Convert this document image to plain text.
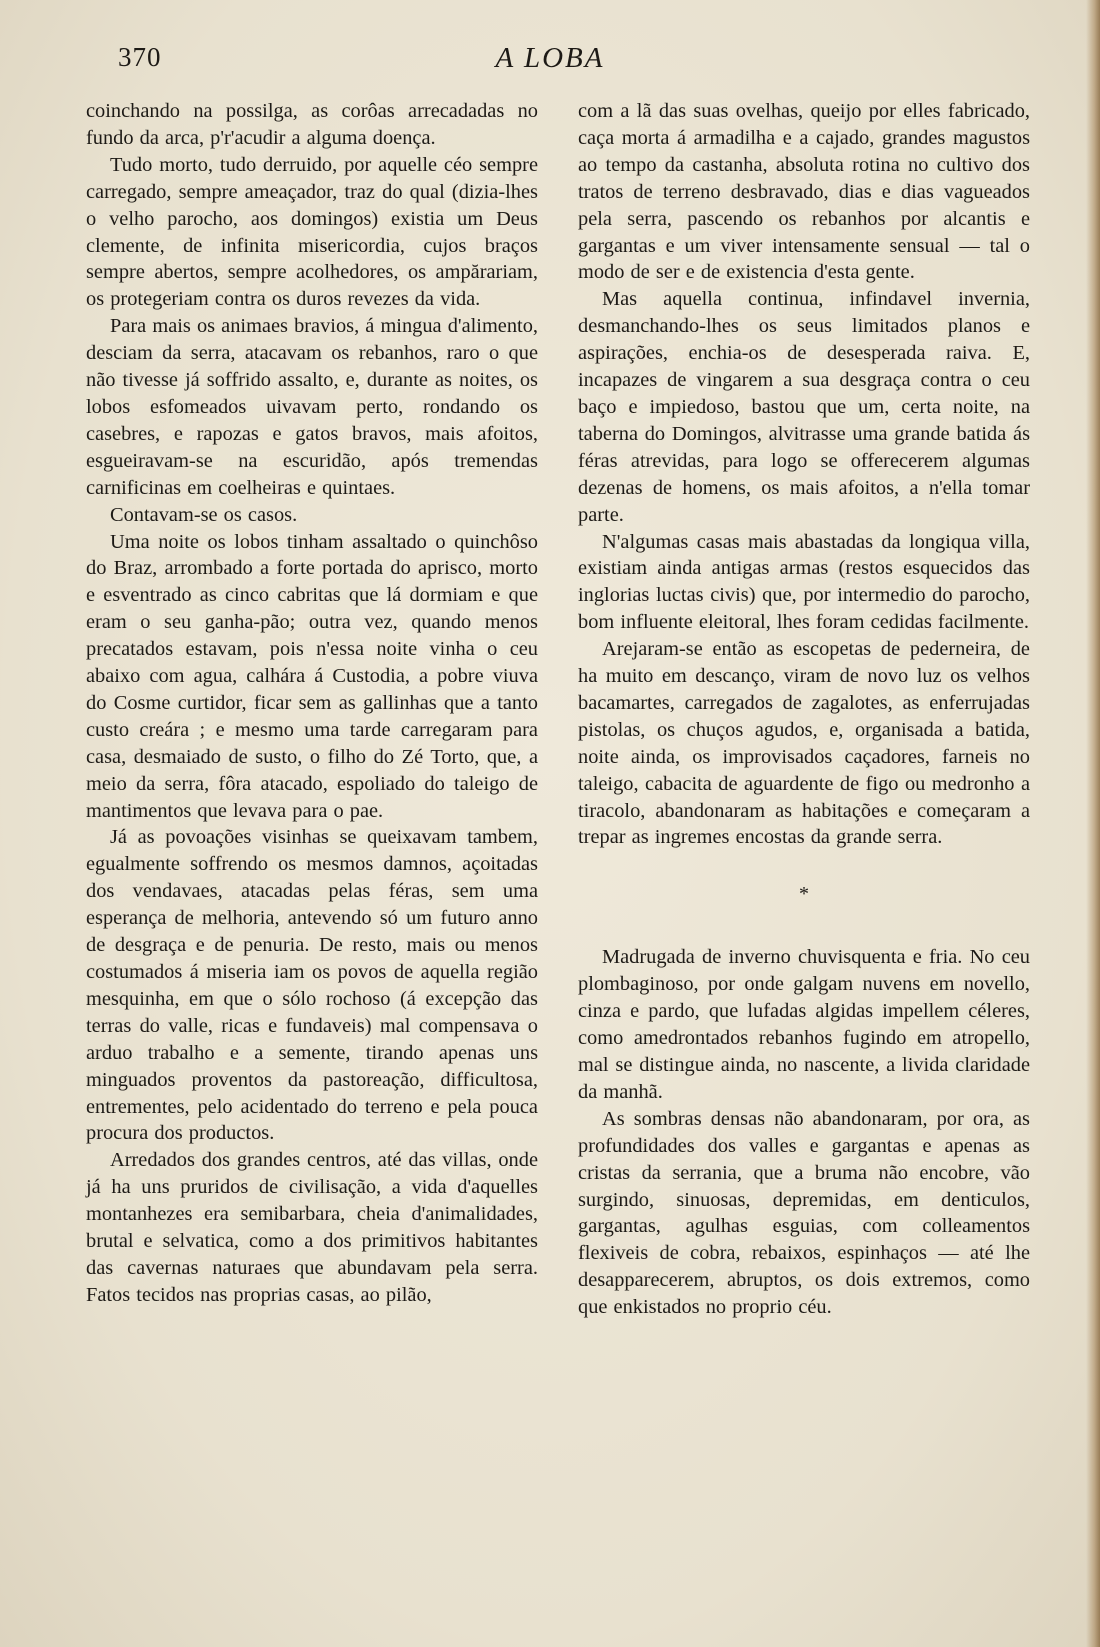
370	A LOBA

coinchando na possilga, as corôas arrecadadas no fundo da arca, p'r'acudir a alguma doença.

Tudo morto, tudo derruido, por aquelle céo sempre carregado, sempre ameaçador, traz do qual (dizia-lhes o velho parocho, aos domingos) existia um Deus clemente, de infinita misericordia, cujos braços sempre abertos, sempre acolhedores, os ampărariam, os protegeriam contra os duros revezes da vida.

Para mais os animaes bravios, á mingua d'alimento, desciam da serra, atacavam os rebanhos, raro o que não tivesse já soffrido assalto, e, durante as noites, os lobos esfomeados uivavam perto, rondando os casebres, e rapozas e gatos bravos, mais afoitos, esgueiravam-se na escuridão, após tremendas carnificinas em coelheiras e quintaes.

Contavam-se os casos.

Uma noite os lobos tinham assaltado o quinchôso do Braz, arrombado a forte portada do aprisco, morto e esventrado as cinco cabritas que lá dormiam e que eram o seu ganha-pão; outra vez, quando menos precatados estavam, pois n'essa noite vinha o ceu abaixo com agua, calhára á Custodia, a pobre viuva do Cosme curtidor, ficar sem as gallinhas que a tanto custo creára ; e mesmo uma tarde carregaram para casa, desmaiado de susto, o filho do Zé Torto, que, a meio da serra, fôra atacado, espoliado do taleigo de mantimentos que levava para o pae.

Já as povoações visinhas se queixavam tambem, egualmente soffrendo os mesmos damnos, açoitadas dos vendavaes, atacadas pelas féras, sem uma esperança de melhoria, antevendo só um futuro anno de desgraça e de penuria. De resto, mais ou menos costumados á miseria iam os povos de aquella região mesquinha, em que o sólo rochoso (á excepção das terras do valle, ricas e fundaveis) mal compensava o arduo trabalho e a semente, tirando apenas uns minguados proventos da pastoreação, difficultosa, entrementes, pelo acidentado do terreno e pela pouca procura dos productos.

Arredados dos grandes centros, até das villas, onde já ha uns pruridos de civilisação, a vida d'aquelles montanhezes era semibarbara, cheia d'animalidades, brutal e selvatica, como a dos primitivos habitantes das cavernas naturaes que abundavam pela serra. Fatos tecidos nas proprias casas, ao pilão,

com a lã das suas ovelhas, queijo por elles fabricado, caça morta á armadilha e a cajado, grandes magustos ao tempo da castanha, absoluta rotina no cultivo dos tratos de terreno desbravado, dias e dias vagueados pela serra, pascendo os rebanhos por alcantis e gargantas e um viver intensamente sensual — tal o modo de ser e de existencia d'esta gente.

Mas aquella continua, infindavel invernia, desmanchando-lhes os seus limitados planos e aspirações, enchia-os de desesperada raiva. E, incapazes de vingarem a sua desgraça contra o ceu baço e impiedoso, bastou que um, certa noite, na taberna do Domingos, alvitrasse uma grande batida ás féras atrevidas, para logo se offerecerem algumas dezenas de homens, os mais afoitos, a n'ella tomar parte.

N'algumas casas mais abastadas da longiqua villa, existiam ainda antigas armas (restos esquecidos das inglorias luctas civis) que, por intermedio do parocho, bom influente eleitoral, lhes foram cedidas facilmente.

Arejaram-se então as escopetas de pederneira, de ha muito em descanço, viram de novo luz os velhos bacamartes, carregados de zagalotes, as enferrujadas pistolas, os chuços agudos, e, organisada a batida, noite ainda, os improvisados caçadores, farneis no taleigo, cabacita de aguardente de figo ou medronho a tiracolo, abandonaram as habitações e começaram a trepar as ingremes encostas da grande serra.

*

Madrugada de inverno chuvisquenta e fria. No ceu plombaginoso, por onde galgam nuvens em novello, cinza e pardo, que lufadas algidas impellem céleres, como amedrontados rebanhos fugindo em atropello, mal se distingue ainda, no nascente, a livida claridade da manhã.

As sombras densas não abandonaram, por ora, as profundidades dos valles e gargantas e apenas as cristas da serrania, que a bruma não encobre, vão surgindo, sinuosas, depremidas, em denticulos, gargantas, agulhas esguias, com colleamentos flexiveis de cobra, rebaixos, espinhaços — até lhe desapparecerem, abruptos, os dois extremos, como que enkistados no proprio céu.
